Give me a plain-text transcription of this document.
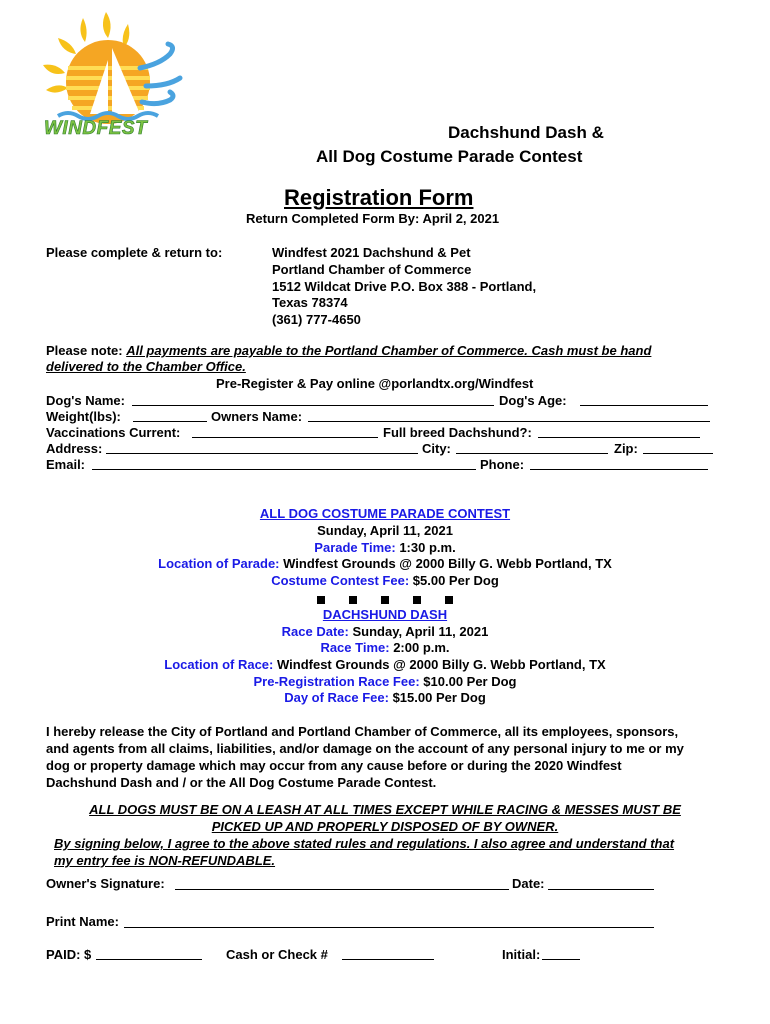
WINDFEST	Dachshund Dash &
All Dog Costume Parade Contest
Registration Form
Return Completed Form By: April 2, 2021
Please complete & return to:	Windfest 2021 Dachshund & Pet
Portland Chamber of Commerce
1512 Wildcat Drive P.O. Box 388 - Portland,
Texas 78374
(361) 777-4650
Please note: All payments are payable to the Portland Chamber of Commerce. Cash must be hand
delivered to the Chamber Office.
Pre-Register & Pay online @porlandtx.org/Windfest
Dog's Name:	Dog's Age:
Weight(lbs):	Owners Name:
Vaccinations Current:	Full breed Dachshund?:
Address:	City:	Zip:
Email:	Phone:
ALL DOG COSTUME PARADE CONTEST
Sunday, April 11, 2021
Parade Time: 1:30 p.m.
Location of Parade: Windfest Grounds @ 2000 Billy G. Webb Portland, TX
Costume Contest Fee: $5.00 Per Dog
DACHSHUND DASH
Race Date: Sunday, April 11, 2021
Race Time: 2:00 p.m.
Location of Race: Windfest Grounds @ 2000 Billy G. Webb Portland, TX
Pre-Registration Race Fee: $10.00 Per Dog
Day of Race Fee: $15.00 Per Dog
I hereby release the City of Portland and Portland Chamber of Commerce, all its employees, sponsors,
and agents from all claims, liabilities, and/or damage on the account of any personal injury to me or my
dog or property damage which may occur from any cause before or during the 2020 Windfest
Dachshund Dash and / or the All Dog Costume Parade Contest.
ALL DOGS MUST BE ON A LEASH AT ALL TIMES EXCEPT WHILE RACING & MESSES MUST BE
PICKED UP AND PROPERLY DISPOSED OF BY OWNER.
By signing below, I agree to the above stated rules and regulations. I also agree and understand that
my entry fee is NON-REFUNDABLE.
Owner's Signature:	Date:
Print Name:
PAID: $	Cash or Check #	Initial:
